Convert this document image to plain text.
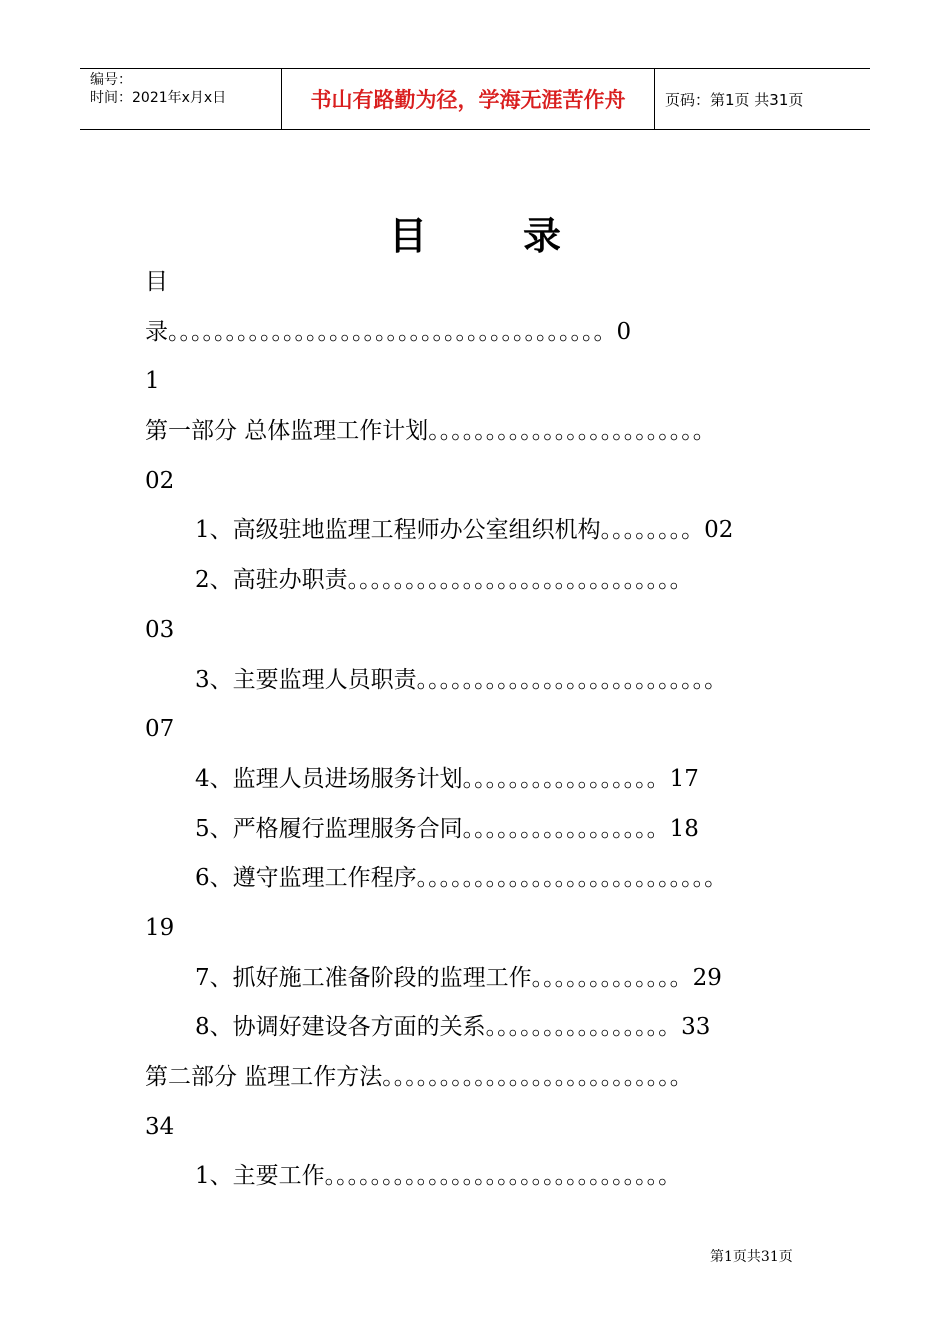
编号：
时间：2021年x月x日	书山有路勤为径，学海无涯苦作舟	页码：第1页 共31页
目录
目
录。。。。。。。。。。。。。。。。。。。。。。。。。。。。。。。。。。。。。。0
1
第一部分 总体监理工作计划。。。。。。。。。。。。。。。。。。。。。。。。
02
1、高级驻地监理工程师办公室组织机构。。。。。。。。02
2、高驻办职责。。。。。。。。。。。。。。。。。。。。。。。。。。。。。
03
3、主要监理人员职责。。。。。。。。。。。。。。。。。。。。。。。。。。
07
4、监理人员进场服务计划。。。。。。。。。。。。。。。。。17
5、严格履行监理服务合同。。。。。。。。。。。。。。。。。18
6、遵守监理工作程序。。。。。。。。。。。。。。。。。。。。。。。。。。
19
7、抓好施工准备阶段的监理工作。。。。。。。。。。。。。29
8、协调好建设各方面的关系。。。。。。。。。。。。。。。。33
第二部分 监理工作方法。。。。。。。。。。。。。。。。。。。。。。。。。。
34
1、主要工作。。。。。。。。。。。。。。。。。。。。。。。。。。。。。。
第1页共31页
